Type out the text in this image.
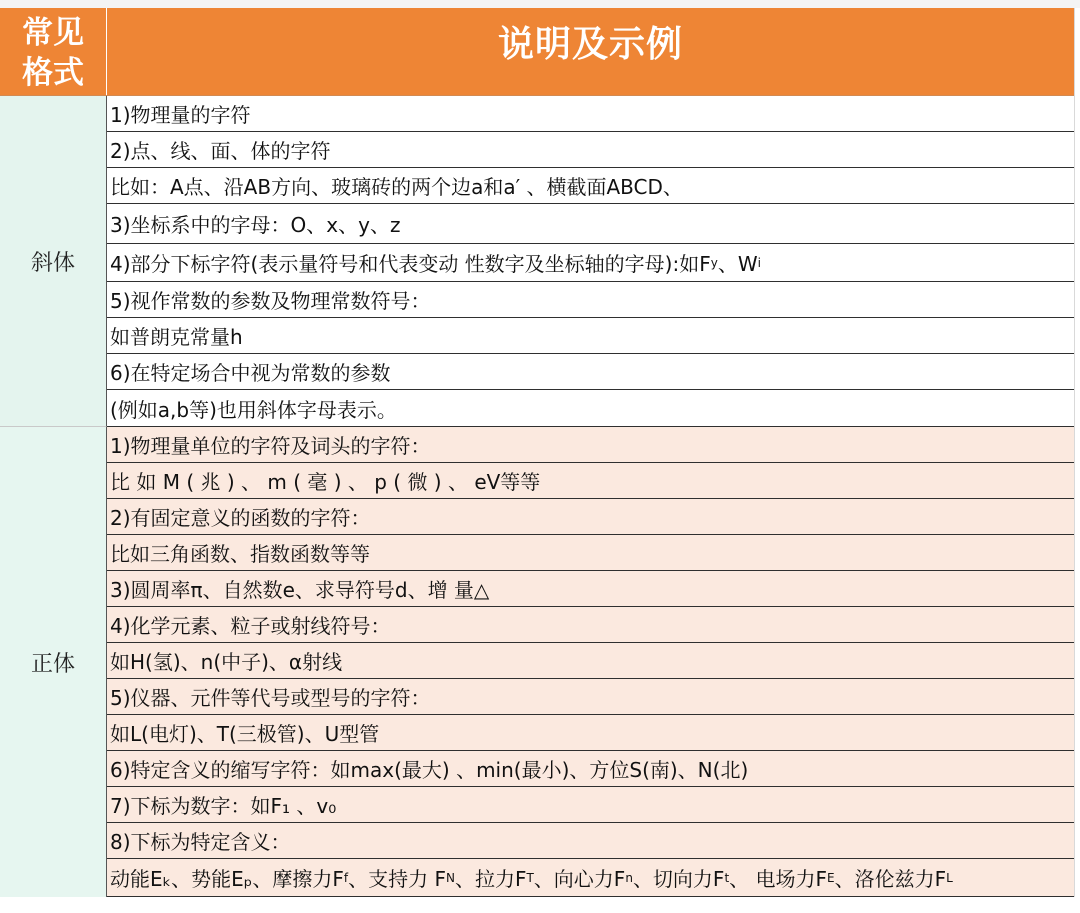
常见
格式
说明及示例
斜体
1)物理量的字符
2)点、线、面、体的字符
比如：A点、沿AB方向、玻璃砖的两个边a和a′ 、横截面ABCD、
3)坐标系中的字母：O、x、y、z
4)部分下标字符(表示量符号和代表变动 性数字及坐标轴的字母):如F y 、W i
5)视作常数的参数及物理常数符号：
如普朗克常量h
6)在特定场合中视为常数的参数
(例如a,b等)也用斜体字母表示。
正体
1)物理量单位的字符及词头的字符：
比 如 M ( 兆 ) 、 m ( 毫 ) 、 p ( 微 ) 、 eV等等
2)有固定意义的函数的字符：
比如三角函数、指数函数等等
3)圆周率π、自然数e、求导符号d、增 量△
4)化学元素、粒子或射线符号：
如H(氢)、n(中子)、α射线
5)仪器、元件等代号或型号的字符：
如L(电灯)、T(三极管)、U型管
6)特定含义的缩写字符：如max(最大) 、min(最小)、方位S(南)、N(北)
7)下标为数字：如F₁ 、v₀
8)下标为特定含义：
动能Eₖ、势能Eₚ、摩擦力F f 、支持力 F N 、拉力F T 、向心力F n 、切向力F t 、 电场力F E 、洛伦兹力F L
